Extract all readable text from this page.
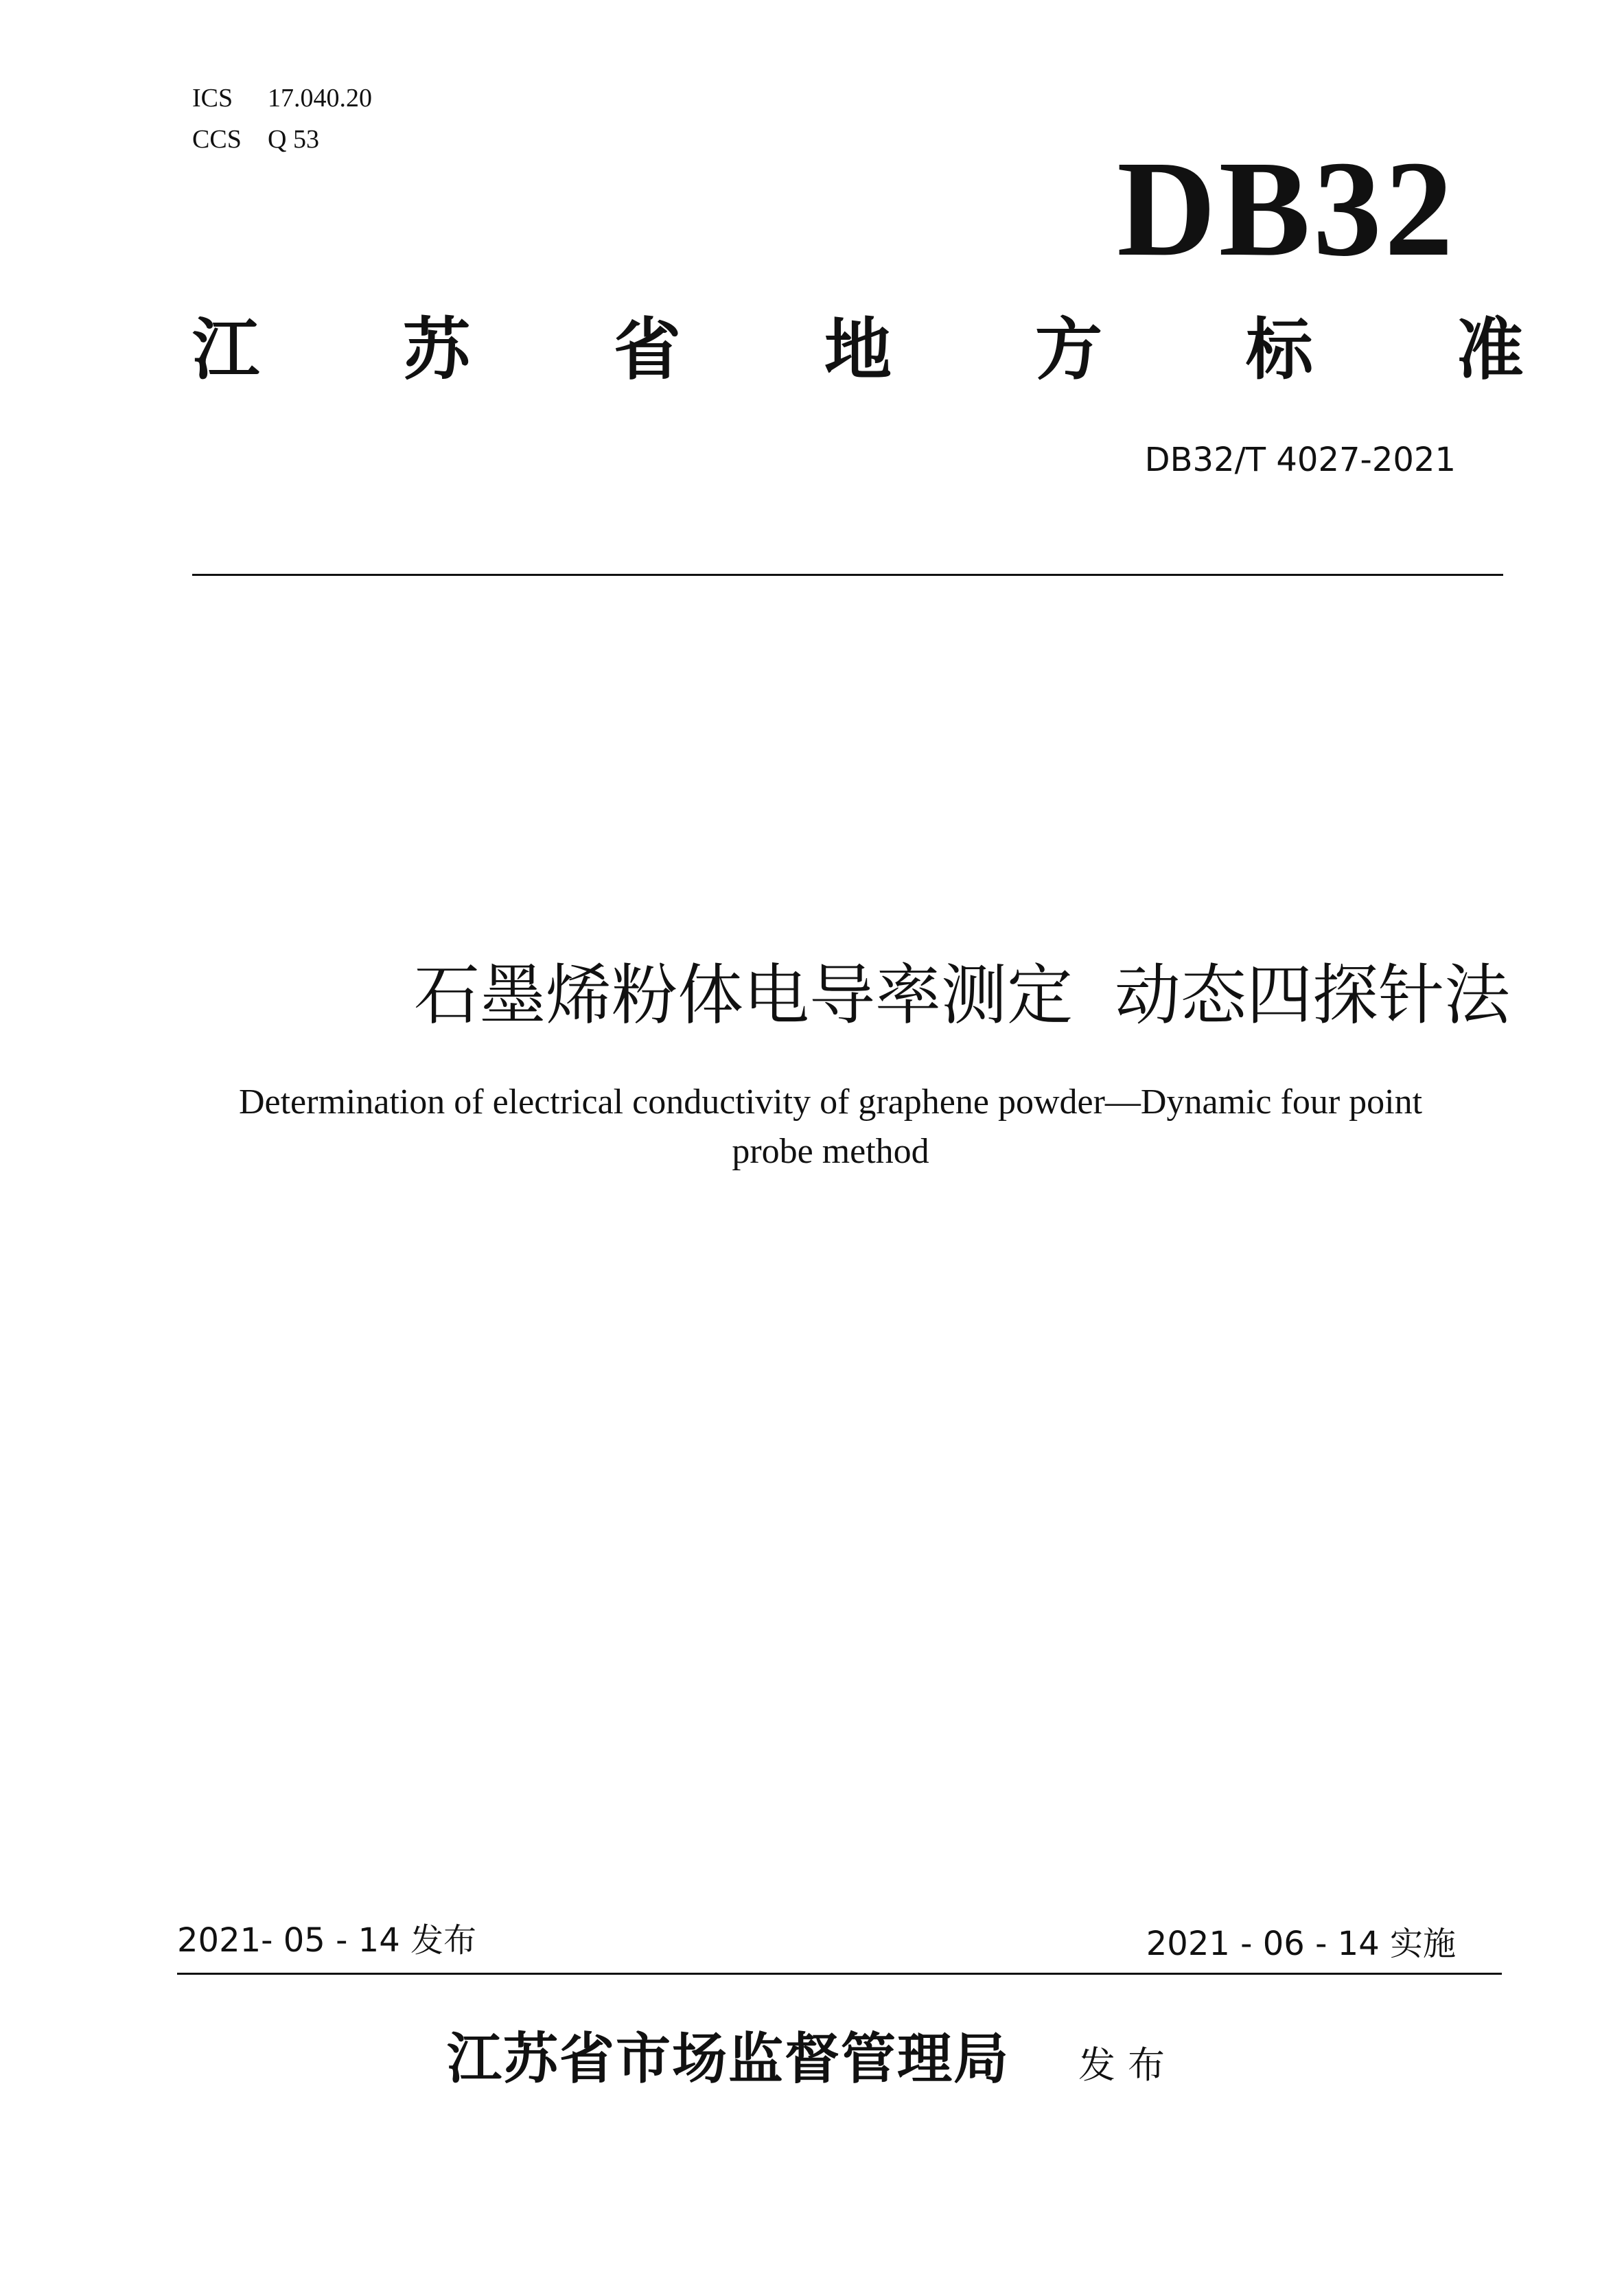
ICS 17.040.20
CCS Q 53	DB32
江 苏 省 地 方 标 准
DB32/T 4027-2021
石墨烯粉体电导率测定  动态四探针法
Determination of electrical conductivity of graphene powder—Dynamic four point
probe method
2021- 05 - 14 发布	2021 - 06 - 14 实施
江苏省市场监督管理局 发布
